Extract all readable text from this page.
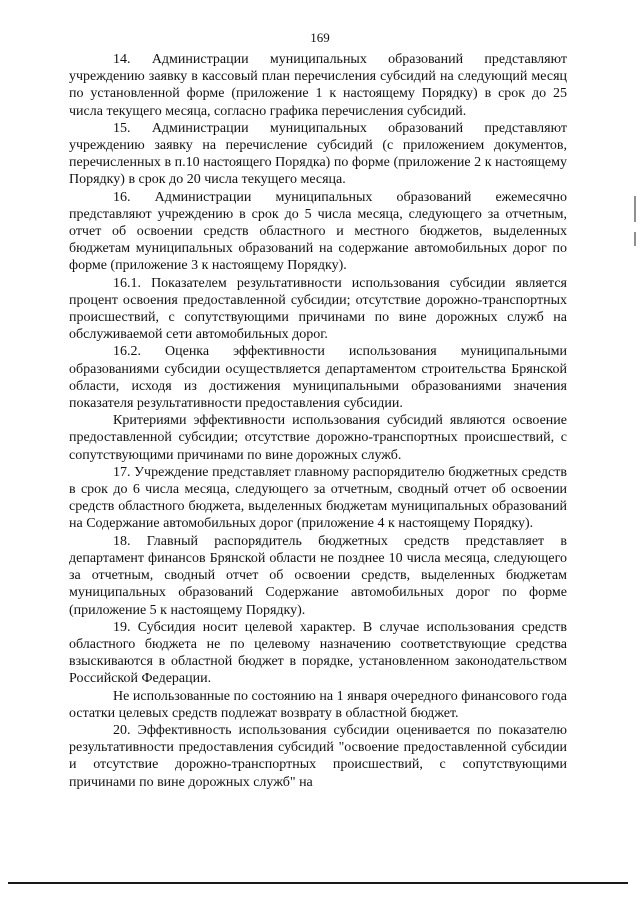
169

14. Администрации муниципальных образований представляют учреждению заявку в кассовый план перечисления субсидий на следующий месяц по установленной форме (приложение 1 к настоящему Порядку) в срок до 25 числа текущего месяца, согласно графика перечисления субсидий.

15. Администрации муниципальных образований представляют учреждению заявку на перечисление субсидий (с приложением документов, перечисленных в п.10 настоящего Порядка) по форме (приложение 2 к настоящему Порядку) в срок до 20 числа текущего месяца.

16. Администрации муниципальных образований ежемесячно представляют учреждению в срок до 5 числа месяца, следующего за отчетным, отчет об освоении средств областного и местного бюджетов, выделенных бюджетам муниципальных образований на содержание автомобильных дорог по форме (приложение 3 к настоящему Порядку).

16.1. Показателем результативности использования субсидии является процент освоения предоставленной субсидии; отсутствие дорожно-транспортных происшествий, с сопутствующими причинами по вине дорожных служб на обслуживаемой сети автомобильных дорог.

16.2. Оценка эффективности использования муниципальными образованиями субсидии осуществляется департаментом строительства Брянской области, исходя из достижения муниципальными образованиями значения показателя результативности предоставления субсидии.

Критериями эффективности использования субсидий являются освоение предоставленной субсидии; отсутствие дорожно-транспортных происшествий, с сопутствующими причинами по вине дорожных служб.

17. Учреждение представляет главному распорядителю бюджетных средств в срок до 6 числа месяца, следующего за отчетным, сводный отчет об освоении средств областного бюджета, выделенных бюджетам муниципальных образований на Содержание автомобильных дорог (приложение 4 к настоящему Порядку).

18. Главный распорядитель бюджетных средств представляет в департамент финансов Брянской области не позднее 10 числа месяца, следующего за отчетным, сводный отчет об освоении средств, выделенных бюджетам муниципальных образований Содержание автомобильных дорог по форме (приложение 5 к настоящему Порядку).

19. Субсидия носит целевой характер. В случае использования средств областного бюджета не по целевому назначению соответствующие средства взыскиваются в областной бюджет в порядке, установленном законодательством Российской Федерации.

Не использованные по состоянию на 1 января очередного финансового года остатки целевых средств подлежат возврату в областной бюджет.

20. Эффективность использования субсидии оценивается по показателю результативности предоставления субсидий "освоение предоставленной субсидии и отсутствие дорожно-транспортных происшествий, с сопутствующими причинами по вине дорожных служб" на
